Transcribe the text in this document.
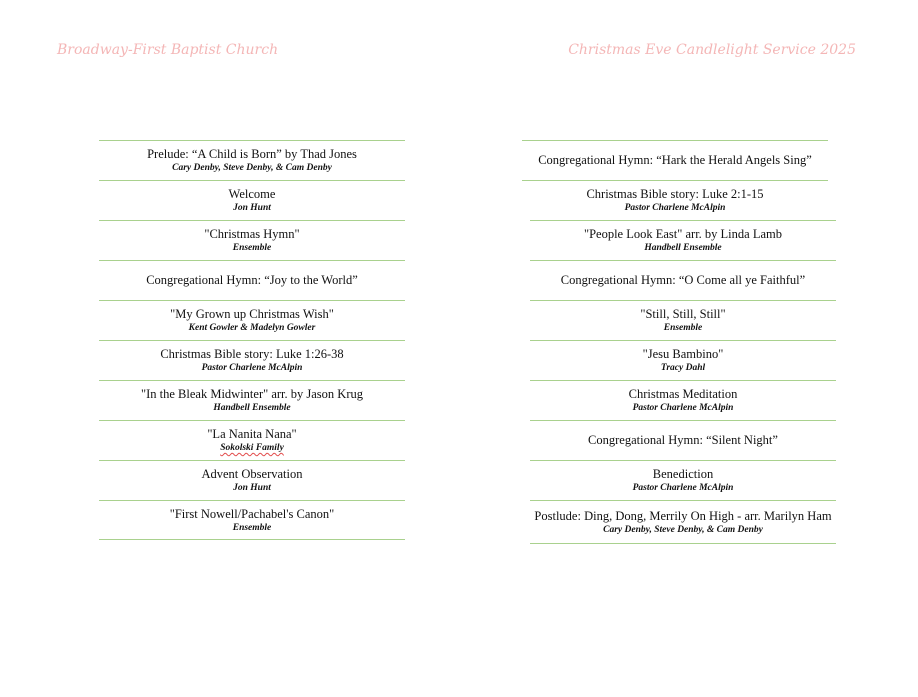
Broadway-First Baptist Church	Christmas Eve Candlelight Service 2025
Prelude: “A Child is Born” by Thad Jones
Cary Denby, Steve Denby, & Cam Denby
Welcome
Jon Hunt
"Christmas Hymn"
Ensemble
Congregational Hymn: “Joy to the World”
"My Grown up Christmas Wish"
Kent Gowler & Madelyn Gowler
Christmas Bible story: Luke 1:26-38
Pastor Charlene McAlpin
"In the Bleak Midwinter" arr. by Jason Krug
Handbell Ensemble
"La Nanita Nana"
Sokolski Family
Advent Observation
Jon Hunt
"First Nowell/Pachabel's Canon"
Ensemble
Congregational Hymn: “Hark the Herald Angels Sing”
Christmas Bible story: Luke 2:1-15
Pastor Charlene McAlpin
"People Look East" arr. by Linda Lamb
Handbell Ensemble
Congregational Hymn: “O Come all ye Faithful”
"Still, Still, Still"
Ensemble
"Jesu Bambino"
Tracy Dahl
Christmas Meditation
Pastor Charlene McAlpin
Congregational Hymn: “Silent Night”
Benediction
Pastor Charlene McAlpin
Postlude: Ding, Dong, Merrily On High - arr. Marilyn Ham
Cary Denby, Steve Denby, & Cam Denby
